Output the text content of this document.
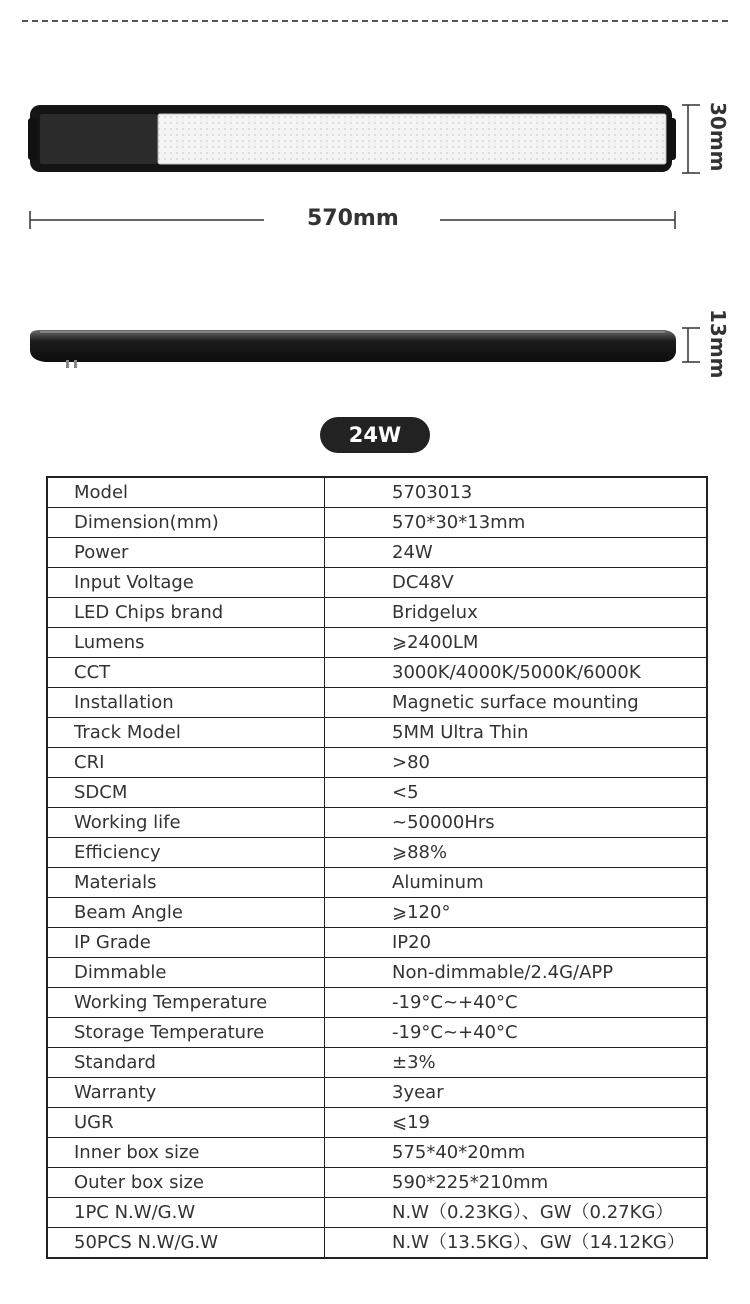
570mm
30mm
13mm
24W
Model	5703013
Dimension(mm)	570*30*13mm
Power	24W
Input Voltage	DC48V
LED Chips brand	Bridgelux
Lumens	⩾2400LM
CCT	3000K/4000K/5000K/6000K
Installation	Magnetic surface mounting
Track Model	5MM Ultra Thin
CRI	>80
SDCM	<5
Working life	~50000Hrs
Efficiency	⩾88%
Materials	Aluminum
Beam Angle	⩾120°
IP Grade	IP20
Dimmable	Non-dimmable/2.4G/APP
Working Temperature	-19°C~+40°C
Storage Temperature	-19°C~+40°C
Standard	±3%
Warranty	3year
UGR	⩽19
Inner box size	575*40*20mm
Outer box size	590*225*210mm
1PC N.W/G.W	N.W（0.23KG）、GW（0.27KG）
50PCS N.W/G.W	N.W（13.5KG）、GW（14.12KG）
